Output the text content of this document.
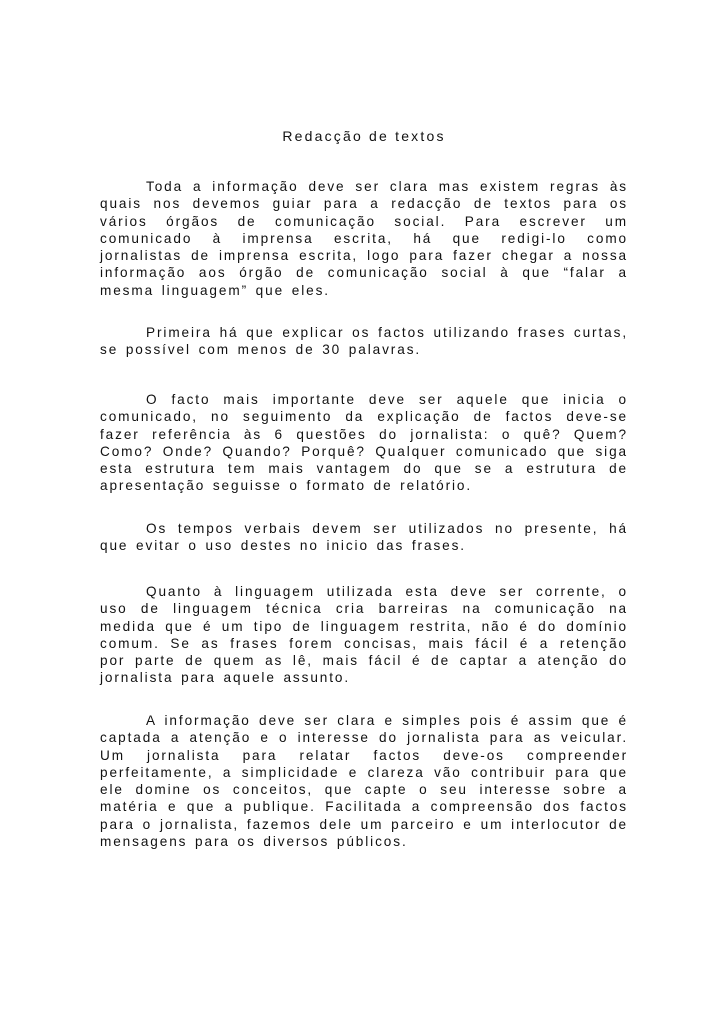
Redacção de textos

Toda a informação deve ser clara mas existem regras às quais nos devemos guiar para a redacção de textos para os vários órgãos de comunicação social. Para escrever um comunicado à imprensa escrita, há que redigi-lo como jornalistas de imprensa escrita, logo para fazer chegar a nossa informação aos órgão de comunicação social à que “falar a mesma linguagem” que eles.

Primeira há que explicar os factos utilizando frases curtas, se possível com menos de 30 palavras.

O facto mais importante deve ser aquele que inicia o comunicado, no seguimento da explicação de factos deve-se fazer referência às 6 questões do jornalista: o quê? Quem? Como? Onde? Quando? Porquê? Qualquer comunicado que siga esta estrutura tem mais vantagem do que se a estrutura de apresentação seguisse o formato de relatório.

Os tempos verbais devem ser utilizados no presente, há que evitar o uso destes no inicio das frases.

Quanto à linguagem utilizada esta deve ser corrente, o uso de linguagem técnica cria barreiras na comunicação na medida que é um tipo de linguagem restrita, não é do domínio comum. Se as frases forem concisas, mais fácil é a retenção por parte de quem as lê, mais fácil é de captar a atenção do jornalista para aquele assunto.

A informação deve ser clara e simples pois é assim que é captada a atenção e o interesse do jornalista para as veicular. Um jornalista para relatar factos deve-os compreender perfeitamente, a simplicidade e clareza vão contribuir para que ele domine os conceitos, que capte o seu interesse sobre a matéria e que a publique. Facilitada a compreensão dos factos para o jornalista, fazemos dele um parceiro e um interlocutor de mensagens para os diversos públicos.
